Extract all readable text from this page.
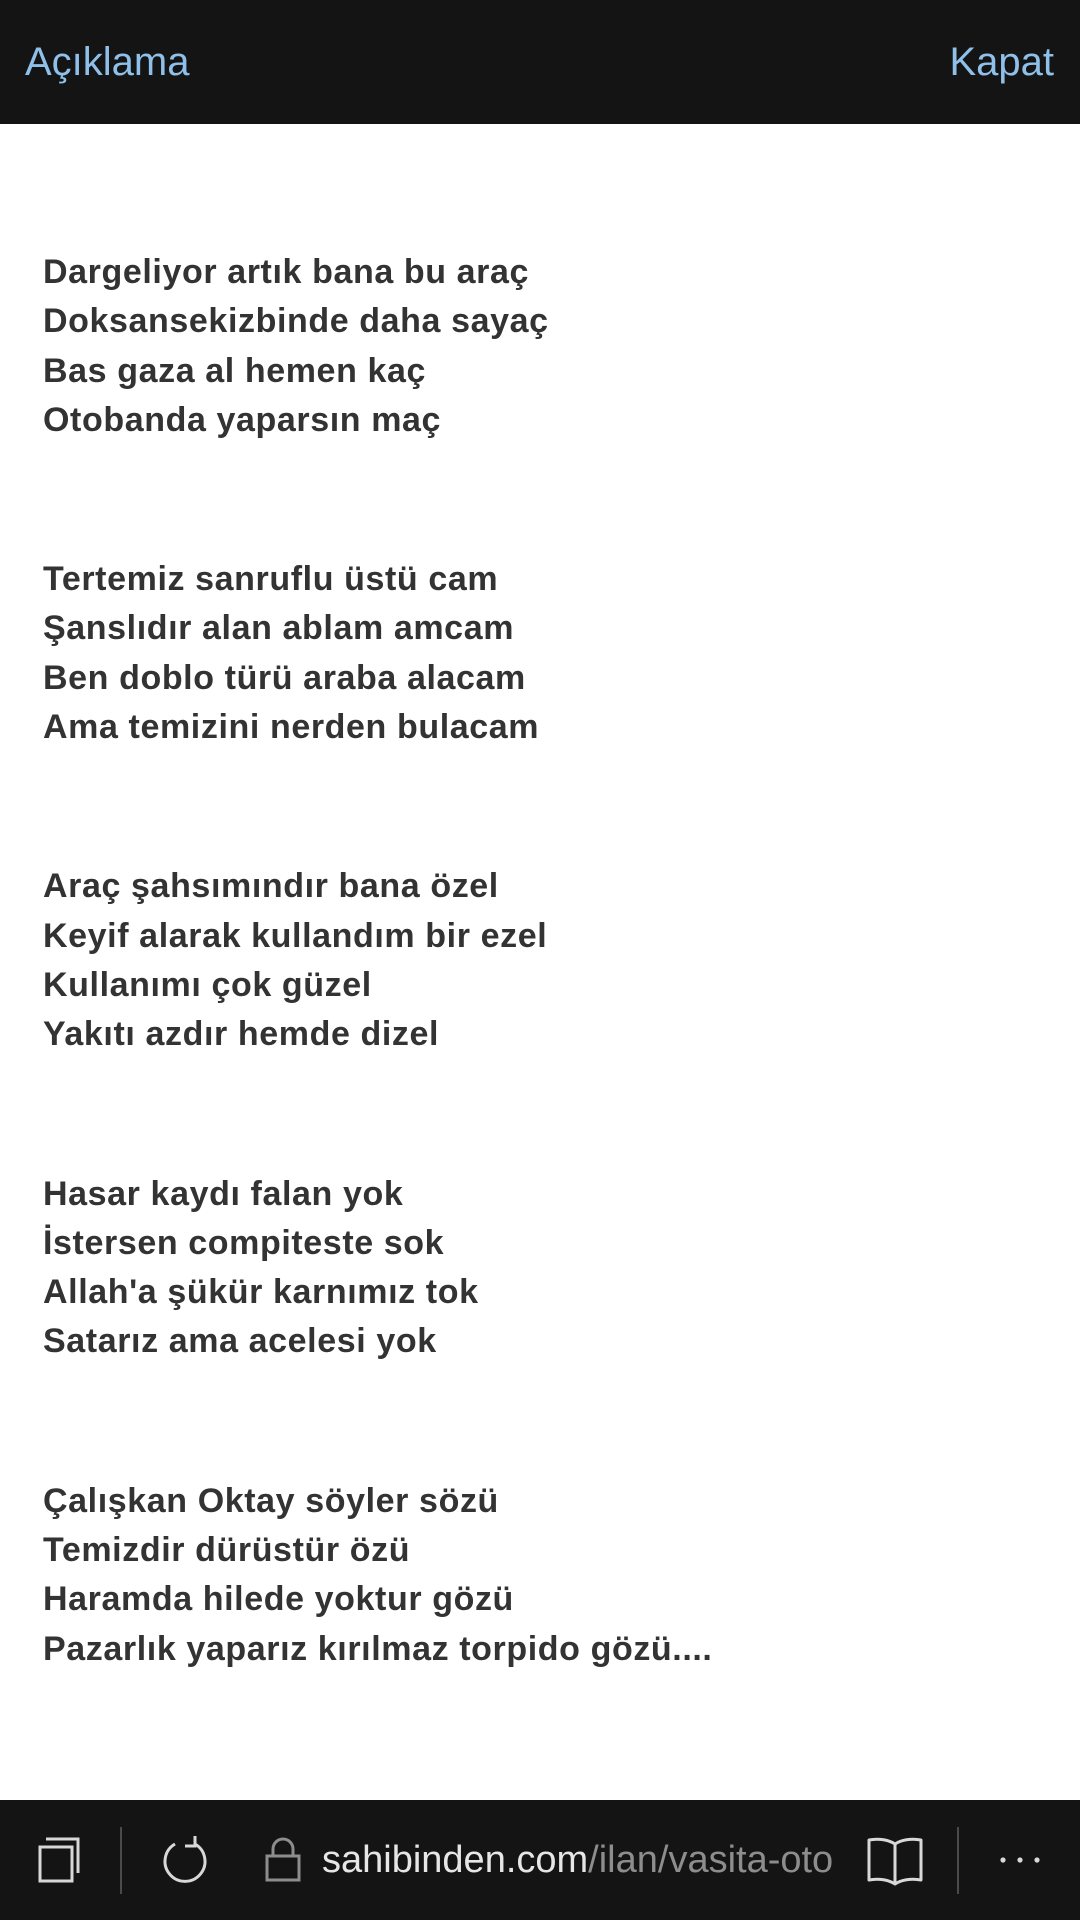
Açıklama	Kapat
Dargeliyor artık bana bu araç
Doksansekizbinde daha sayaç
Bas gaza al hemen kaç
Otobanda yaparsın maç
Tertemiz sanruflu üstü cam
Şanslıdır alan ablam amcam
Ben doblo türü araba alacam
Ama temizini nerden bulacam
Araç şahsımındır bana özel
Keyif alarak kullandım bir ezel
Kullanımı çok güzel
Yakıtı azdır hemde dizel
Hasar kaydı falan yok
İstersen compiteste sok
Allah'a şükür karnımız tok
Satarız ama acelesi yok
Çalışkan Oktay söyler sözü
Temizdir dürüstür özü
Haramda hilede yoktur gözü
Pazarlık yaparız kırılmaz torpido gözü....
sahibinden.com /ilan/vasita-oto
